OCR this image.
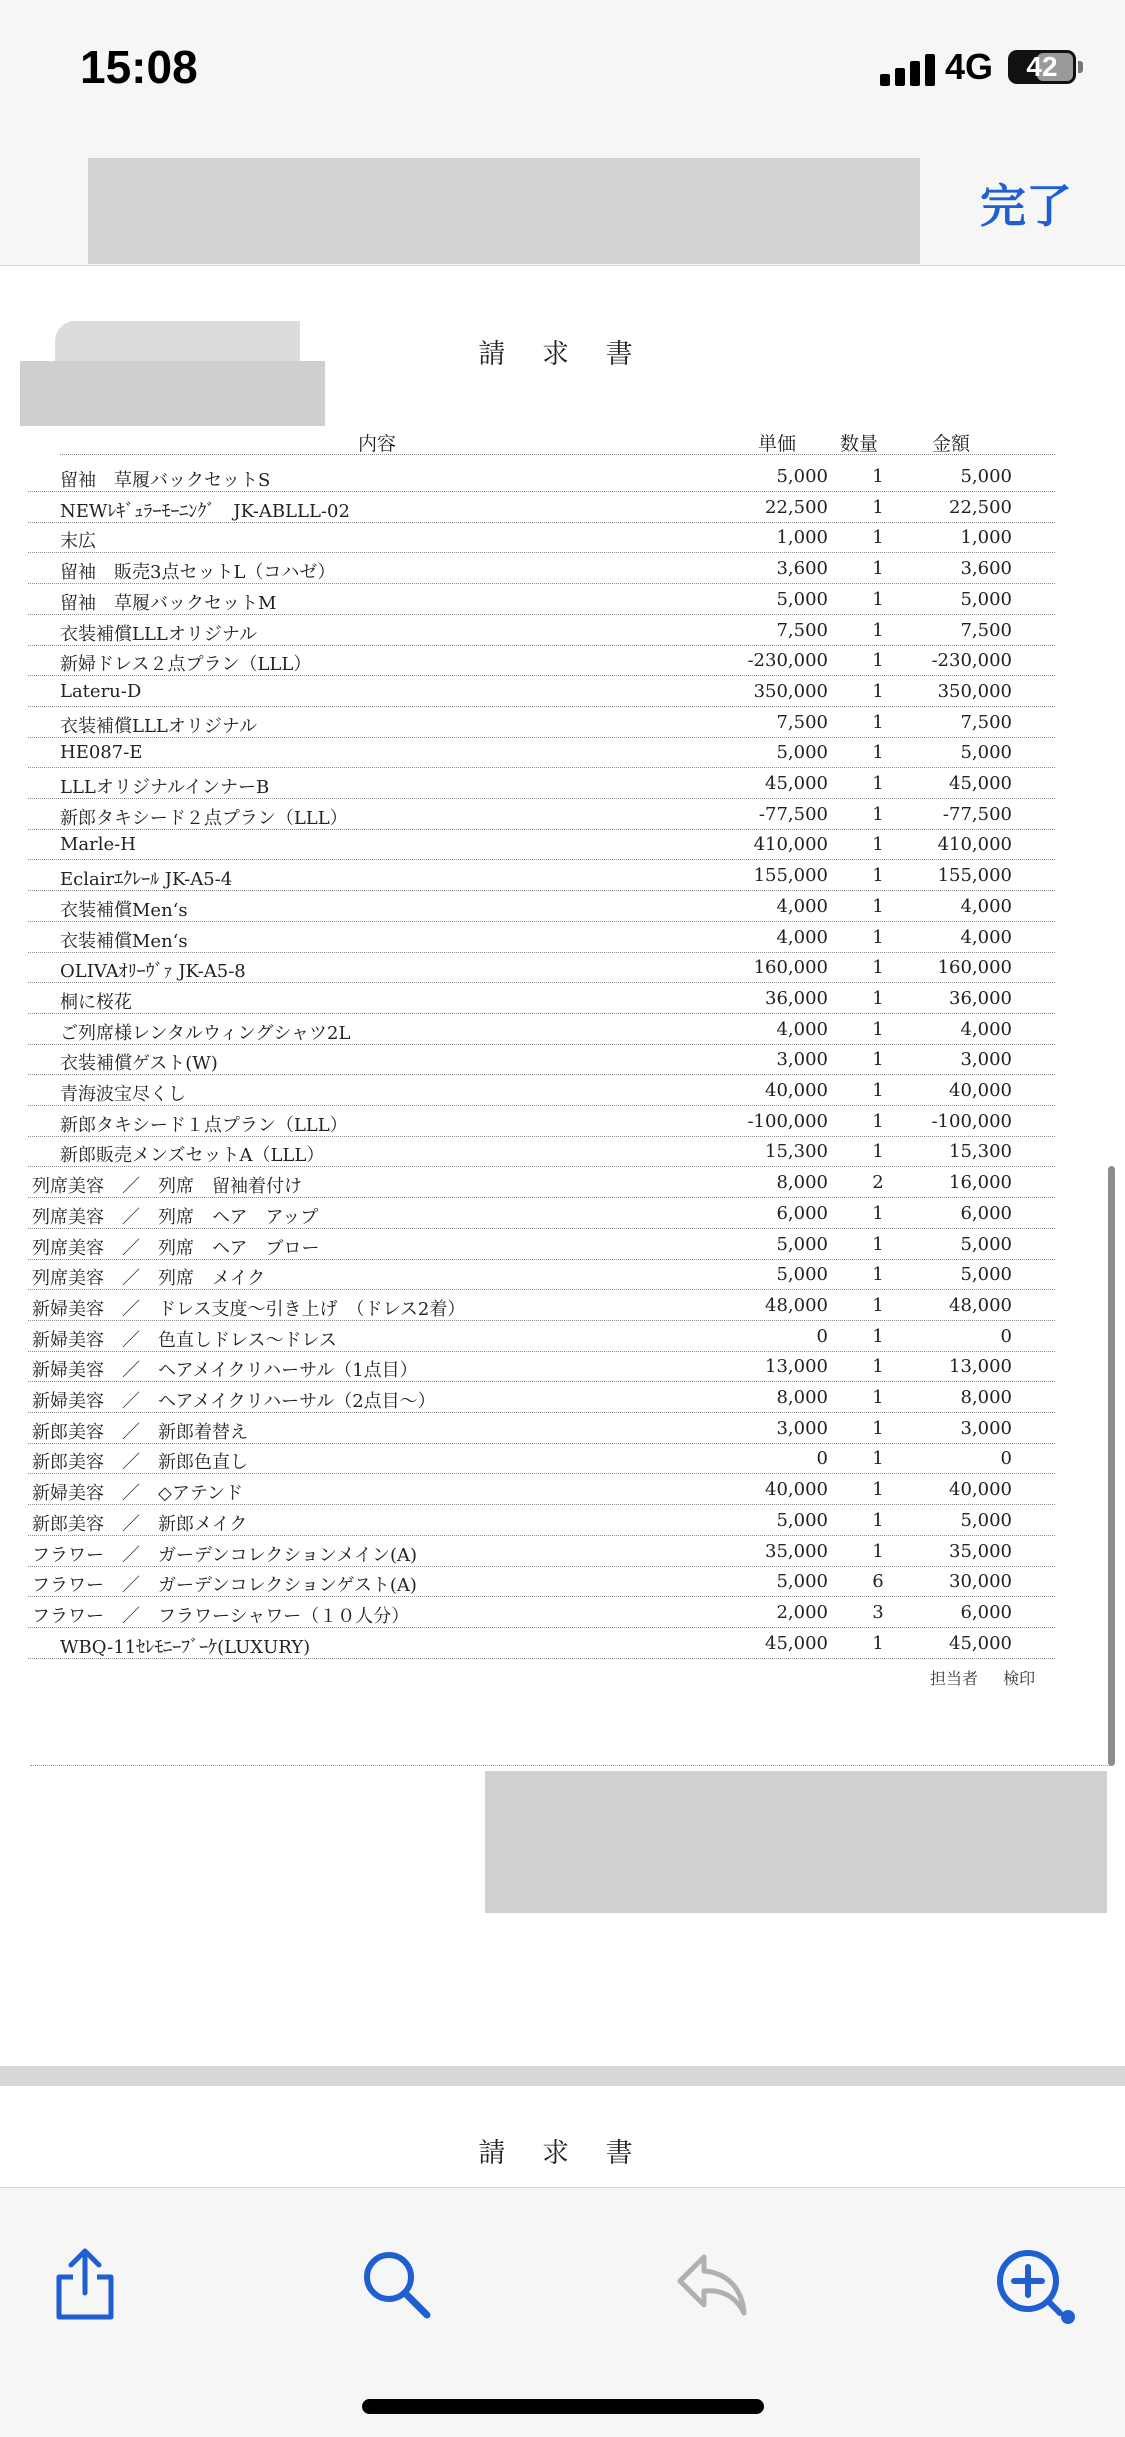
15:08	4G	42
完了
請 求 書
内容	単価 数量	金額
留袖　草履バックセットS	5,000 1	5,000
NEWﾚｷﾞｭﾗｰﾓｰﾆﾝｸﾞ　JK-ABLLL-02	22,500 1	22,500
末広	1,000 1	1,000
留袖　販売3点セットL（コハゼ）	3,600 1	3,600
留袖　草履バックセットM	5,000 1	5,000
衣装補償LLLオリジナル	7,500 1	7,500
新婦ドレス２点プラン（LLL）	-230,000 1	-230,000
Lateru-D	350,000 1	350,000
衣装補償LLLオリジナル	7,500 1	7,500
HE087-E	5,000 1	5,000
LLLオリジナルインナーB	45,000 1	45,000
新郎タキシード２点プラン（LLL）	-77,500 1	-77,500
Marle-H	410,000 1	410,000
Eclairｴｸﾚｰﾙ JK-A5-4	155,000 1	155,000
衣装補償Men‘s	4,000 1	4,000
衣装補償Men‘s	4,000 1	4,000
OLIVAｵﾘｰｳﾞｧ JK-A5-8	160,000 1	160,000
桐に桜花	36,000 1	36,000
ご列席様レンタルウィングシャツ2L	4,000 1	4,000
衣装補償ゲスト(W)	3,000 1	3,000
青海波宝尽くし	40,000 1	40,000
新郎タキシード１点プラン（LLL）	-100,000 1	-100,000
新郎販売メンズセットA（LLL）	15,300 1	15,300
列席美容　／　列席　留袖着付け	8,000 2	16,000
列席美容　／　列席　ヘア　アップ	6,000 1	6,000
列席美容　／　列席　ヘア　ブロー	5,000 1	5,000
列席美容　／　列席　メイク	5,000 1	5,000
新婦美容　／　ドレス支度～引き上げ　（ドレス2着）	48,000 1	48,000
新婦美容　／　色直しドレス～ドレス	0 1	0
新婦美容　／　ヘアメイクリハーサル（1点目）	13,000 1	13,000
新婦美容　／　ヘアメイクリハーサル（2点目～）	8,000 1	8,000
新郎美容　／　新郎着替え	3,000 1	3,000
新郎美容　／　新郎色直し	0 1	0
新婦美容　／　◇アテンド	40,000 1	40,000
新郎美容　／　新郎メイク	5,000 1	5,000
フラワー　／　ガーデンコレクションメイン(A)	35,000 1	35,000
フラワー　／　ガーデンコレクションゲスト(A)	5,000 6	30,000
フラワー　／　フラワーシャワー（１０人分）	2,000 3	6,000
WBQ-11ｾﾚﾓﾆｰﾌﾞｰｹ(LUXURY)	45,000 1	45,000
担当者 検印
請 求 書
